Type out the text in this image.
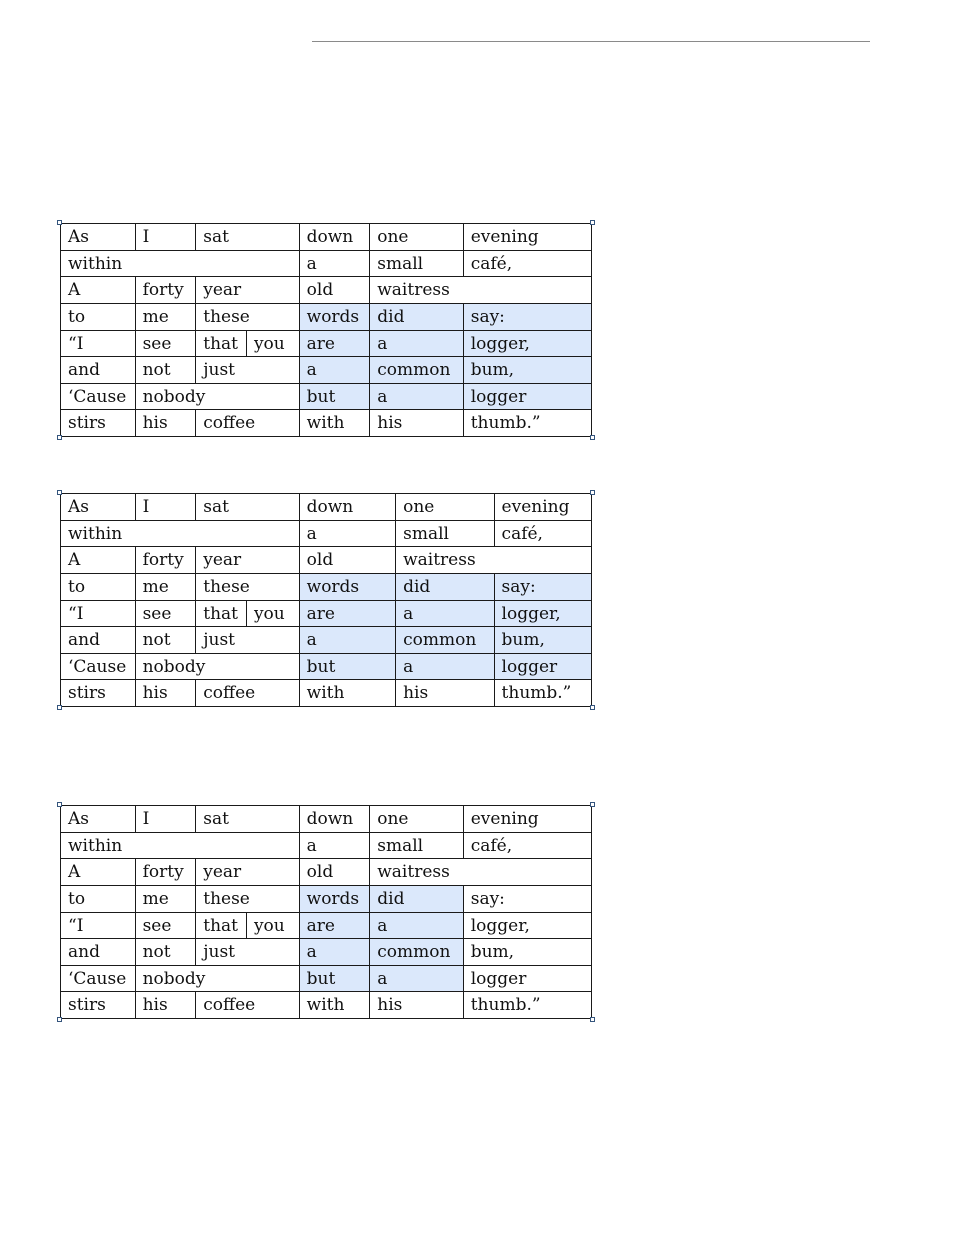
As	I	sat	down	one	evening
within	a	small	café,
A	forty	year	old	waitress
to	me	these	words	did	say:
“I	see	that you	are	a	logger,
and	not	just	a	common	bum,
‘Cause nobody	but	a	logger
stirs	his	coffee	with	his	thumb.”
As	I	sat	down	one	evening
within	a	small	café,
A	forty	year	old	waitress
to	me	these	words	did	say:
“I	see	that you	are	a	logger,
and	not	just	a	common	bum,
‘Cause nobody	but	a	logger
stirs	his	coffee	with	his	thumb.”
As	I	sat	down	one	evening
within	a	small	café,
A	forty	year	old	waitress
to	me	these	words	did	say:
“I	see	that you	are	a	logger,
and	not	just	a	common	bum,
‘Cause nobody	but	a	logger
stirs	his	coffee	with	his	thumb.”
